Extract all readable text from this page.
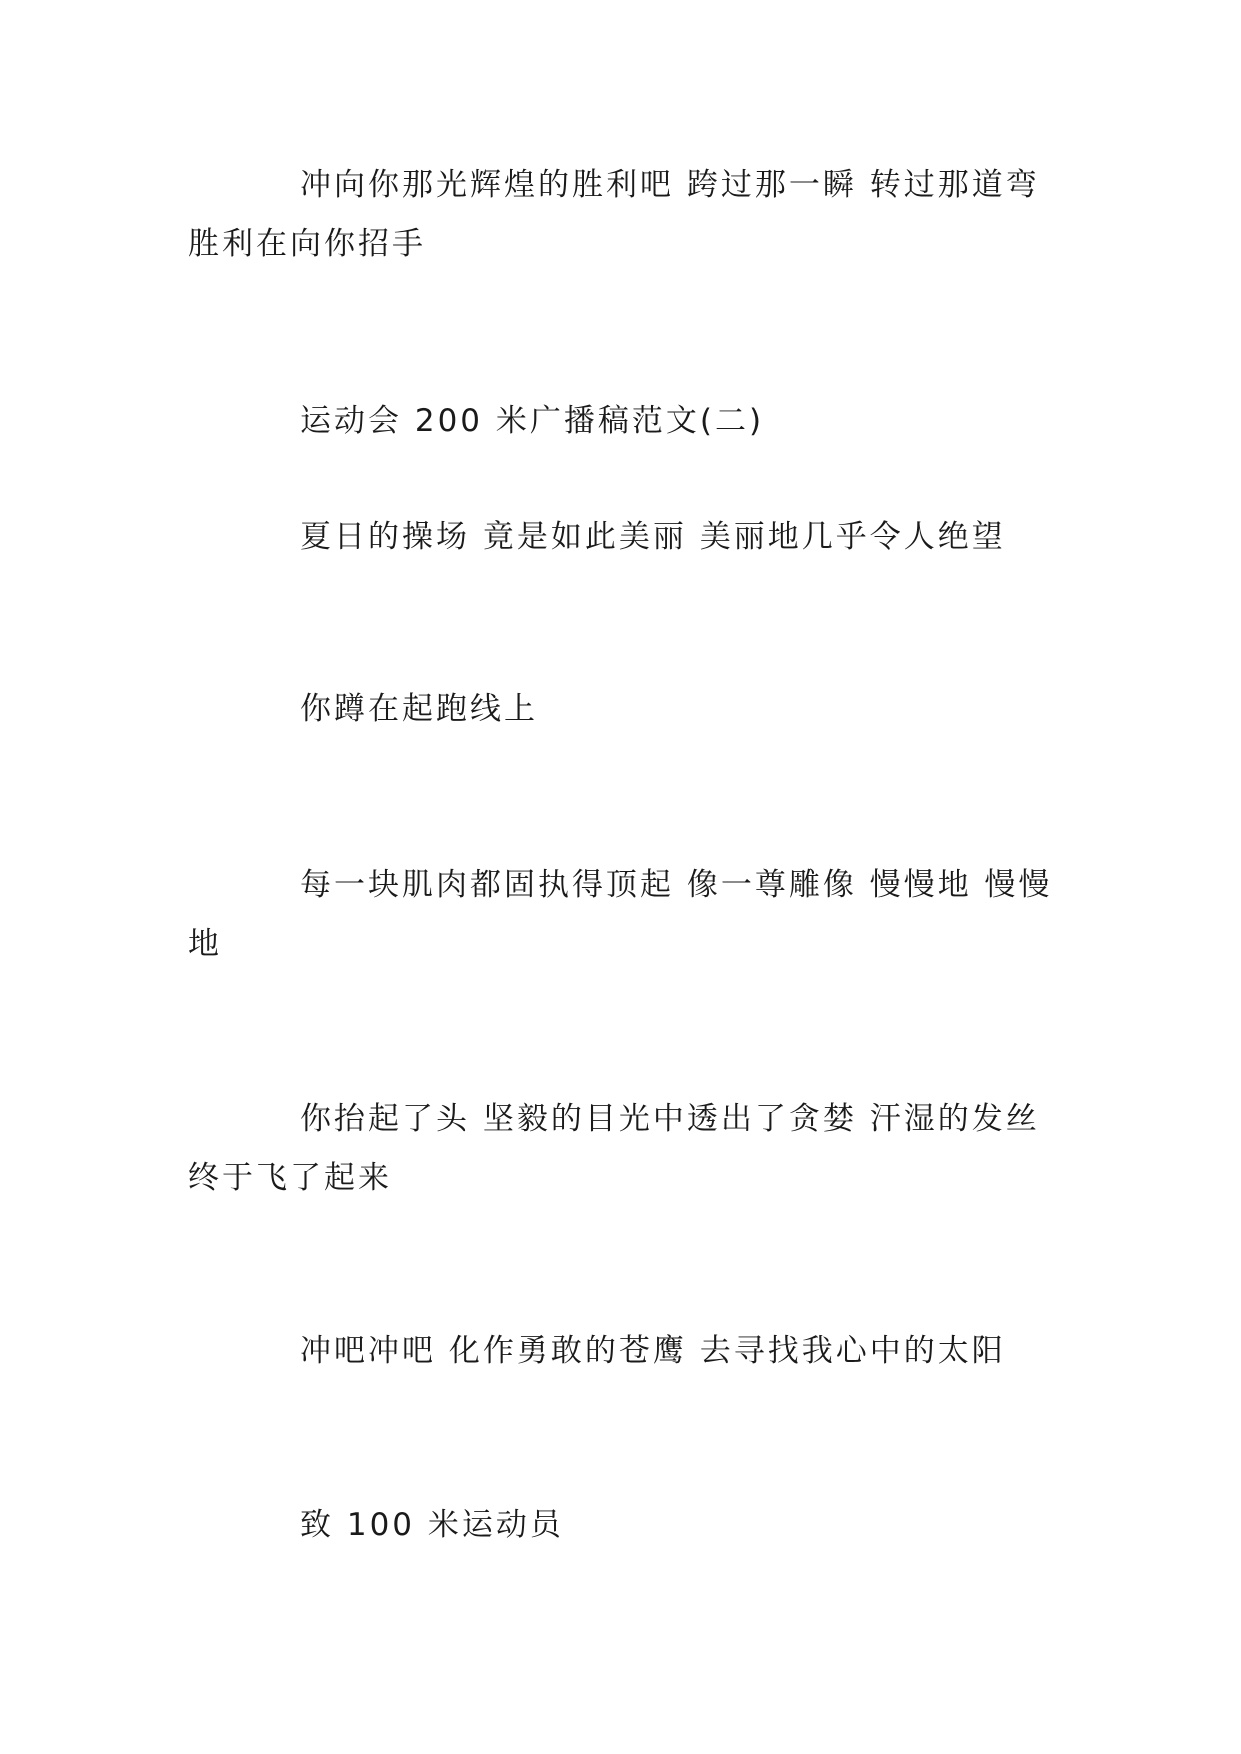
冲向你那光辉煌的胜利吧 跨过那一瞬 转过那道弯 胜利在向你招手

运动会 200 米广播稿范文(二)

夏日的操场 竟是如此美丽 美丽地几乎令人绝望

你蹲在起跑线上

每一块肌肉都固执得顶起 像一尊雕像 慢慢地 慢慢地

你抬起了头 坚毅的目光中透出了贪婪 汗湿的发丝终于飞了起来

冲吧冲吧 化作勇敢的苍鹰 去寻找我心中的太阳

致 100 米运动员
